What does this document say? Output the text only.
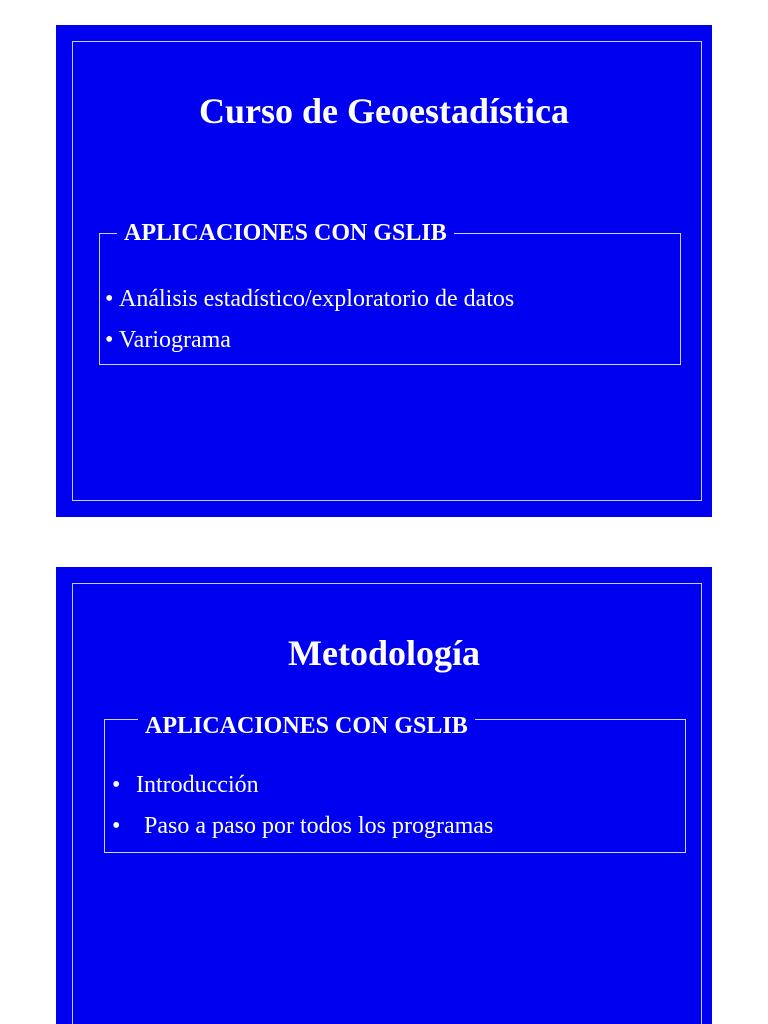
Curso de Geoestadística
APLICACIONES CON GSLIB
• Análisis estadístico/exploratorio de datos
• Variograma
Metodología
APLICACIONES CON GSLIB
• Introducción
• Paso a paso por todos los programas
